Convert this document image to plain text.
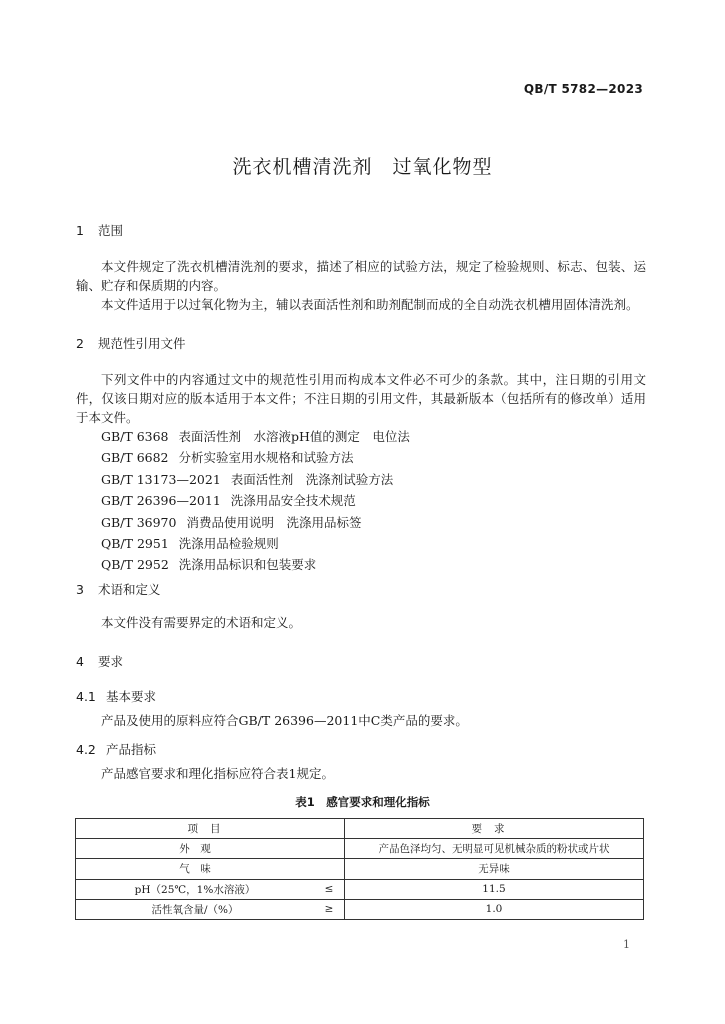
QB/T 5782—2023
洗衣机槽清洗剂　过氧化物型
1 范围
本文件规定了洗衣机槽清洗剂的要求，描述了相应的试验方法，规定了检验规则、标志、包装、运输、贮存和保质期的内容。
本文件适用于以过氧化物为主，辅以表面活性剂和助剂配制而成的全自动洗衣机槽用固体清洗剂。
2 规范性引用文件
下列文件中的内容通过文中的规范性引用而构成本文件必不可少的条款。其中，注日期的引用文件，仅该日期对应的版本适用于本文件；不注日期的引用文件，其最新版本（包括所有的修改单）适用于本文件。
GB/T 6368 表面活性剂　水溶液pH值的测定　电位法
GB/T 6682 分析实验室用水规格和试验方法
GB/T 13173—2021 表面活性剂　洗涤剂试验方法
GB/T 26396—2011 洗涤用品安全技术规范
GB/T 36970 消费品使用说明　洗涤用品标签
QB/T 2951 洗涤用品检验规则
QB/T 2952 洗涤用品标识和包装要求
3 术语和定义
本文件没有需要界定的术语和定义。
4 要求
4.1 基本要求
产品及使用的原料应符合GB/T 26396—2011中C类产品的要求。
4.2 产品指标
产品感官要求和理化指标应符合表1规定。
表1　感官要求和理化指标
项目		要求
外　观		产品色泽均匀、无明显可见机械杂质的粉状或片状
气　味		无异味
pH（25℃，1%水溶液）	≤	11.5
活性氧含量/（%）	≥	1.0
1
